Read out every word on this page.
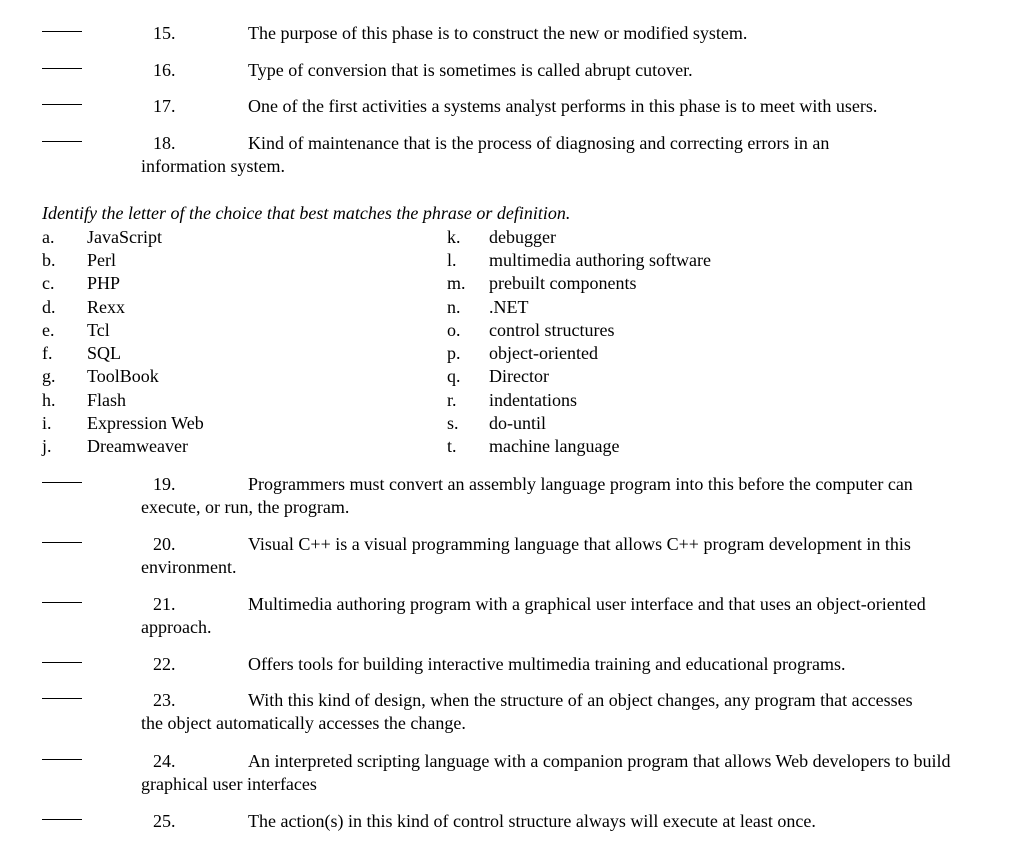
15.	The purpose of this phase is to construct the new or modified system.
16.	Type of conversion that is sometimes is called abrupt cutover.
17.	One of the first activities a systems analyst performs in this phase is to meet with users.
18.	Kind of maintenance that is the process of diagnosing and correcting errors in an information system.
Identify the letter of the choice that best matches the phrase or definition.
a. JavaScript
b. Perl
c. PHP
d. Rexx
e. Tcl
f. SQL
g. ToolBook
h. Flash
i. Expression Web
j. Dreamweaver
k. debugger
l. multimedia authoring software
m. prebuilt components
n. .NET
o. control structures
p. object-oriented
q. Director
r. indentations
s. do-until
t. machine language
19.	Programmers must convert an assembly language program into this before the computer can execute, or run, the program.
20.	Visual C++ is a visual programming language that allows C++ program development in this environment.
21.	Multimedia authoring program with a graphical user interface and that uses an object-oriented approach.
22.	Offers tools for building interactive multimedia training and educational programs.
23.	With this kind of design, when the structure of an object changes, any program that accesses the object automatically accesses the change.
24.	An interpreted scripting language with a companion program that allows Web developers to build graphical user interfaces
25.	The action(s) in this kind of control structure always will execute at least once.
